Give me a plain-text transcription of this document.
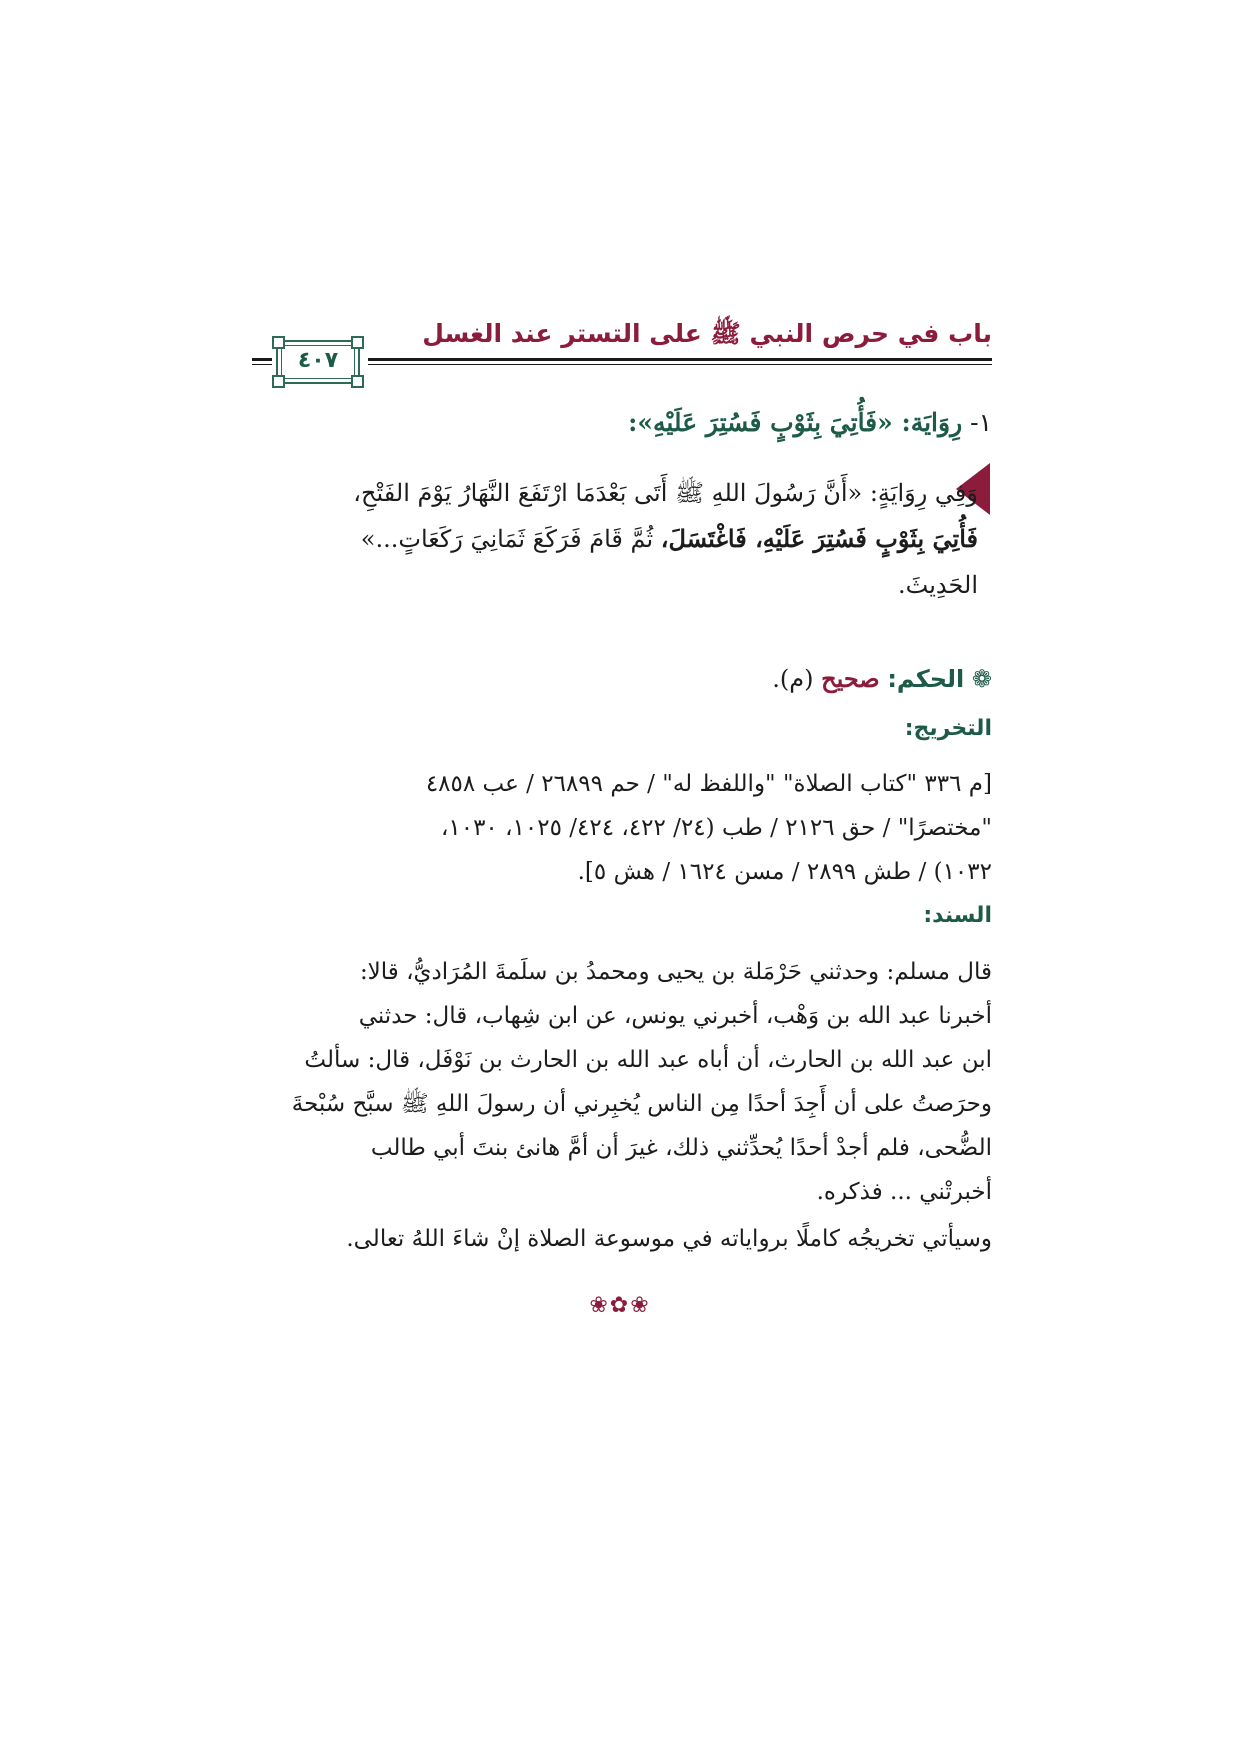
باب في حرص النبي ﷺ على التستر عند الغسل
٤٠٧
١- رِوَايَة: «فَأُتِيَ بِثَوْبٍ فَسُتِرَ عَلَيْهِ»:
وَفِي رِوَايَةٍ: «أَنَّ رَسُولَ اللهِ ﷺ أَتَى بَعْدَمَا ارْتَفَعَ النَّهَارُ يَوْمَ الفَتْحِ،
فَأُتِيَ بِثَوْبٍ فَسُتِرَ عَلَيْهِ، فَاغْتَسَلَ، ثُمَّ قَامَ فَرَكَعَ ثَمَانِيَ رَكَعَاتٍ...»
الحَدِيثَ.
❁ الحكم: صحيح (م).
التخريج:
[م ٣٣٦ "كتاب الصلاة" "واللفظ له" / حم ٢٦٨٩٩ / عب ٤٨٥٨
"مختصرًا" / حق ٢١٢٦ / طب (٢٤/ ٤٢٢، ٤٢٤/ ١٠٢٥، ١٠٣٠،
١٠٣٢) / طش ٢٨٩٩ / مسن ١٦٢٤ / هش ٥].
السند:
قال مسلم: وحدثني حَرْمَلة بن يحيى ومحمدُ بن سلَمةَ المُرَاديُّ، قالا:
أخبرنا عبد الله بن وَهْب، أخبرني يونس، عن ابن شِهاب، قال: حدثني
ابن عبد الله بن الحارث، أن أباه عبد الله بن الحارث بن نَوْفَل، قال: سألتُ
وحرَصتُ على أن أَجِدَ أحدًا مِن الناس يُخبِرني أن رسولَ اللهِ ﷺ سبَّح سُبْحةَ
الضُّحى، فلم أجدْ أحدًا يُحدِّثني ذلك، غيرَ أن أمَّ هانئ بنتَ أبي طالب
أخبرتْني ... فذكره.
وسيأتي تخريجُه كاملًا برواياته في موسوعة الصلاة إنْ شاءَ اللهُ تعالى.
❀✿❀
